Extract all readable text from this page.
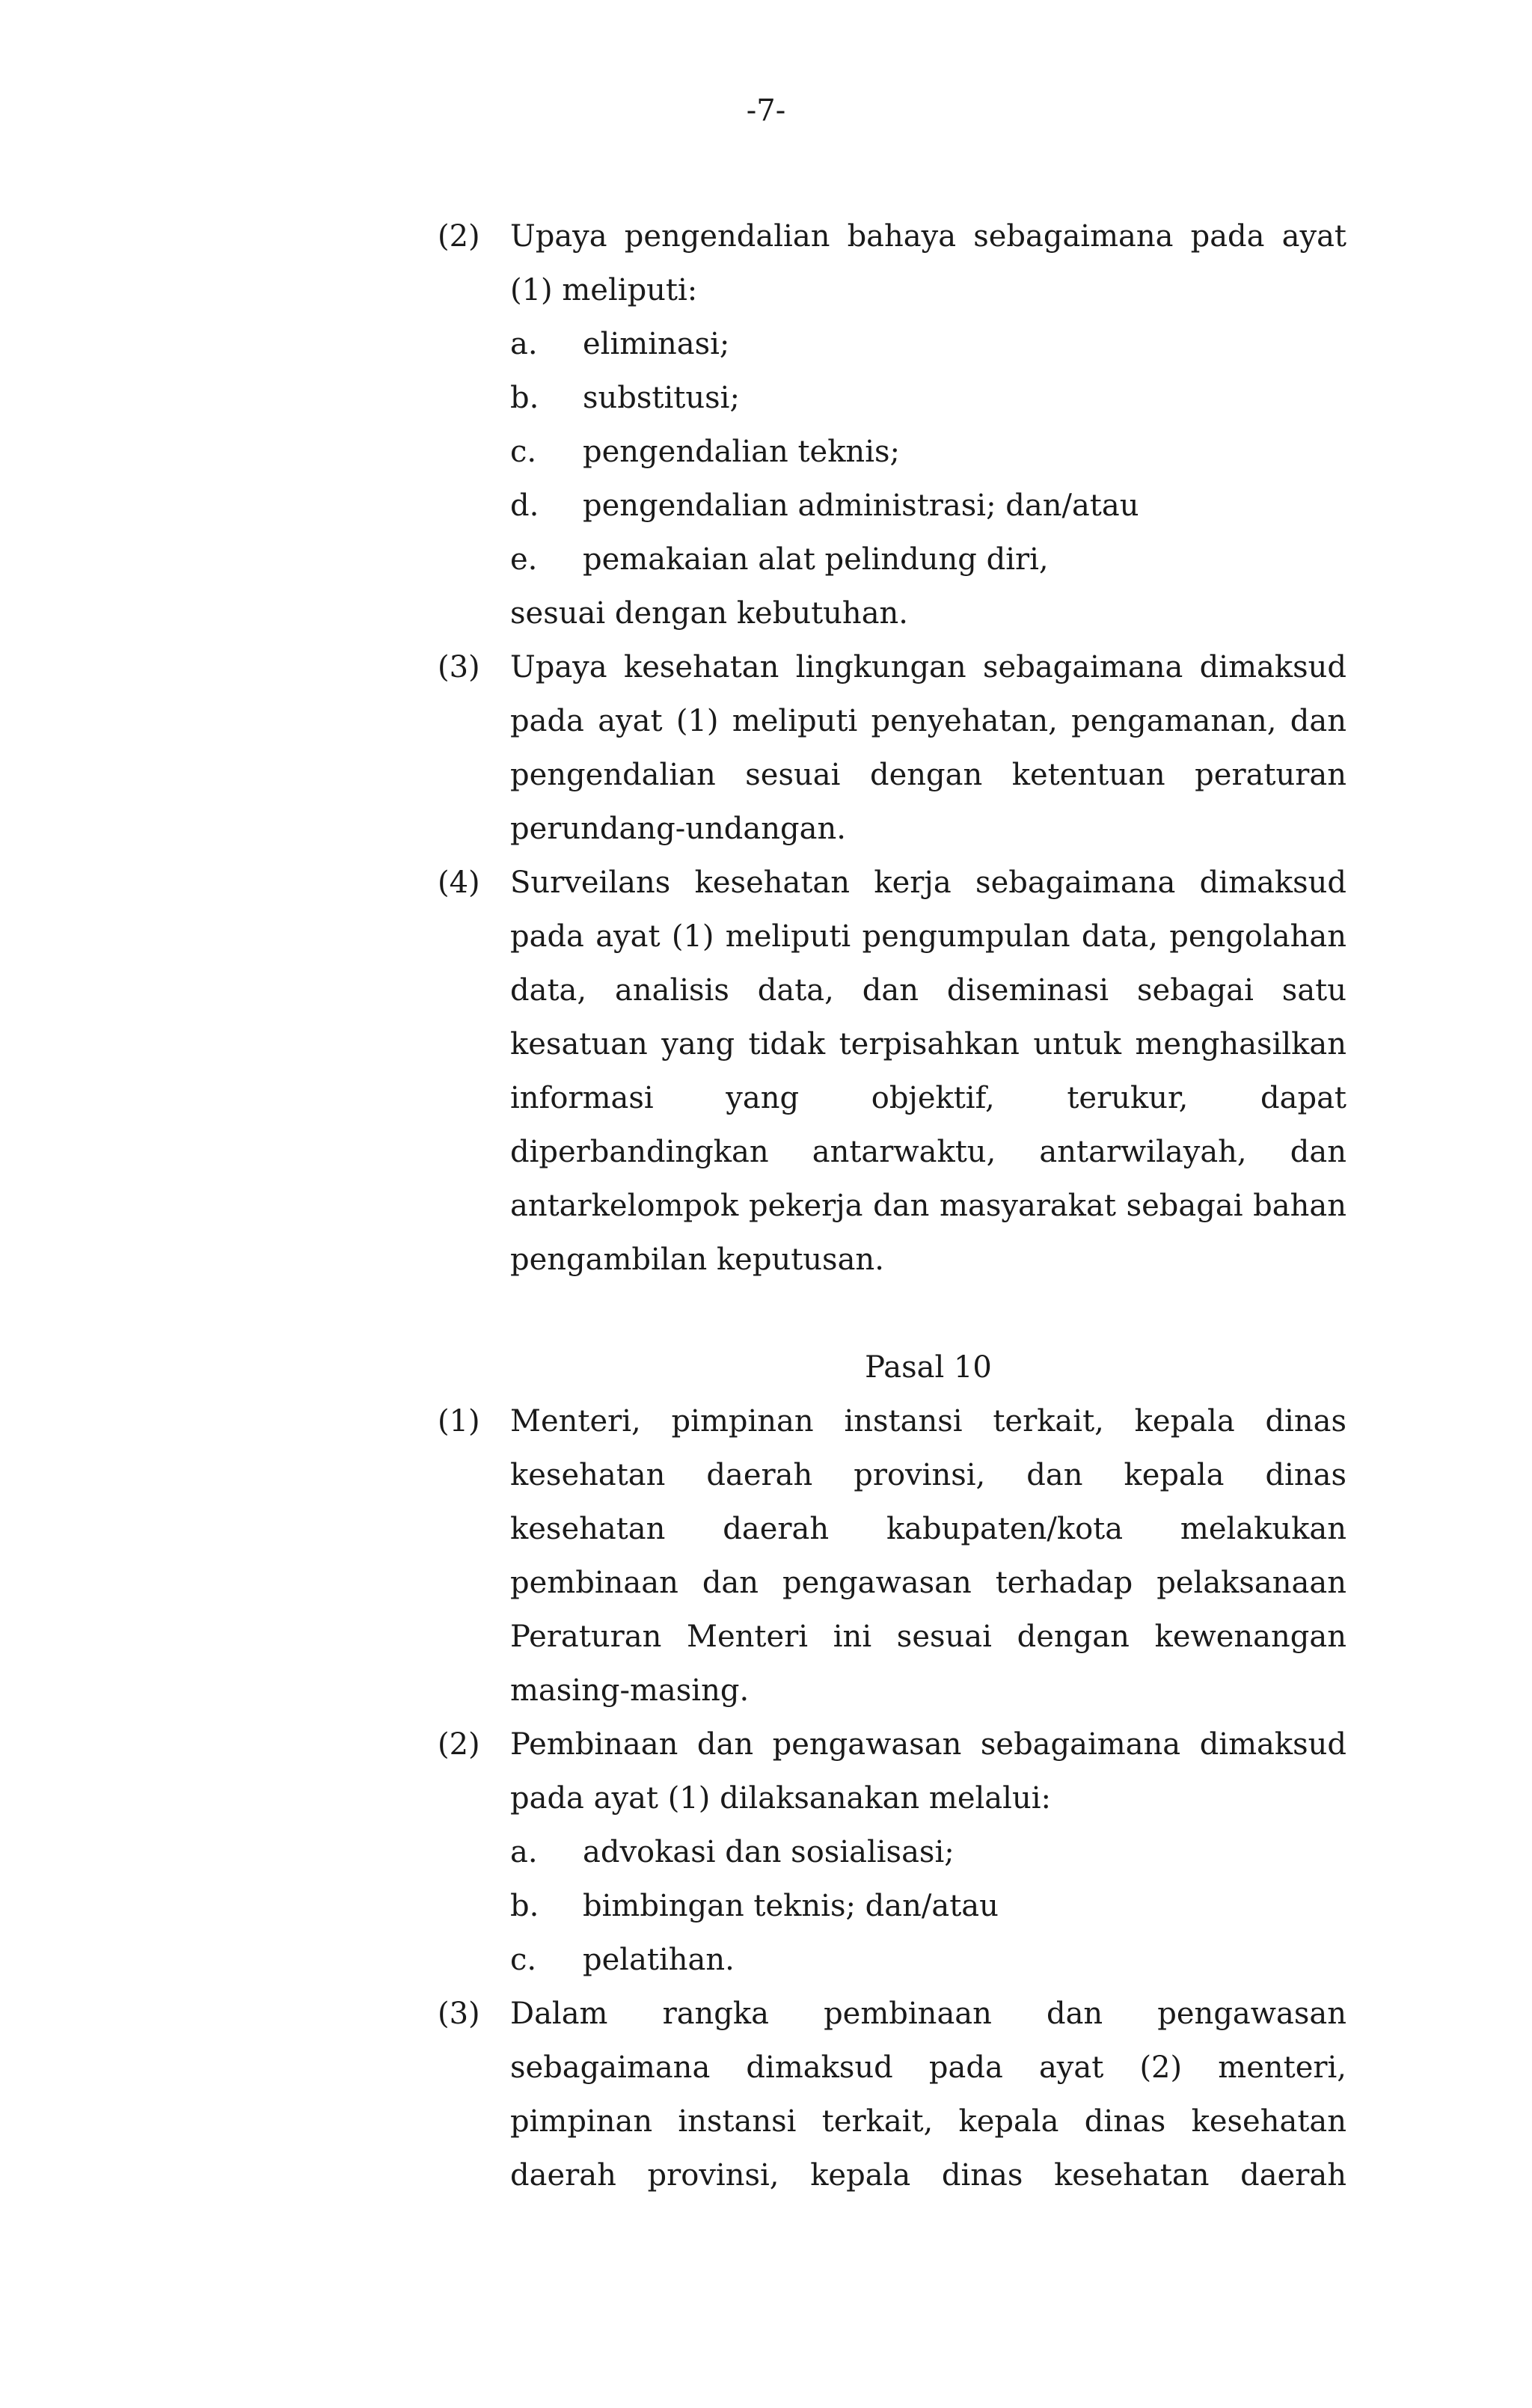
-7-
(2) Upaya pengendalian bahaya sebagaimana pada ayat (1) meliputi:
a. eliminasi;
b. substitusi;
c. pengendalian teknis;
d. pengendalian administrasi; dan/atau
e. pemakaian alat pelindung diri,
sesuai dengan kebutuhan.
(3) Upaya kesehatan lingkungan sebagaimana dimaksud pada ayat (1) meliputi penyehatan, pengamanan, dan pengendalian sesuai dengan ketentuan peraturan perundang-undangan.
(4) Surveilans kesehatan kerja sebagaimana dimaksud pada ayat (1) meliputi pengumpulan data, pengolahan data, analisis data, dan diseminasi sebagai satu kesatuan yang tidak terpisahkan untuk menghasilkan informasi yang objektif, terukur, dapat diperbandingkan antarwaktu, antarwilayah, dan antarkelompok pekerja dan masyarakat sebagai bahan pengambilan keputusan.
Pasal 10
(1) Menteri, pimpinan instansi terkait, kepala dinas kesehatan daerah provinsi, dan kepala dinas kesehatan daerah kabupaten/kota melakukan pembinaan dan pengawasan terhadap pelaksanaan Peraturan Menteri ini sesuai dengan kewenangan masing-masing.
(2) Pembinaan dan pengawasan sebagaimana dimaksud pada ayat (1) dilaksanakan melalui:
a. advokasi dan sosialisasi;
b. bimbingan teknis; dan/atau
c. pelatihan.
(3) Dalam rangka pembinaan dan pengawasan sebagaimana dimaksud pada ayat (2) menteri, pimpinan instansi terkait, kepala dinas kesehatan daerah provinsi, kepala dinas kesehatan daerah
